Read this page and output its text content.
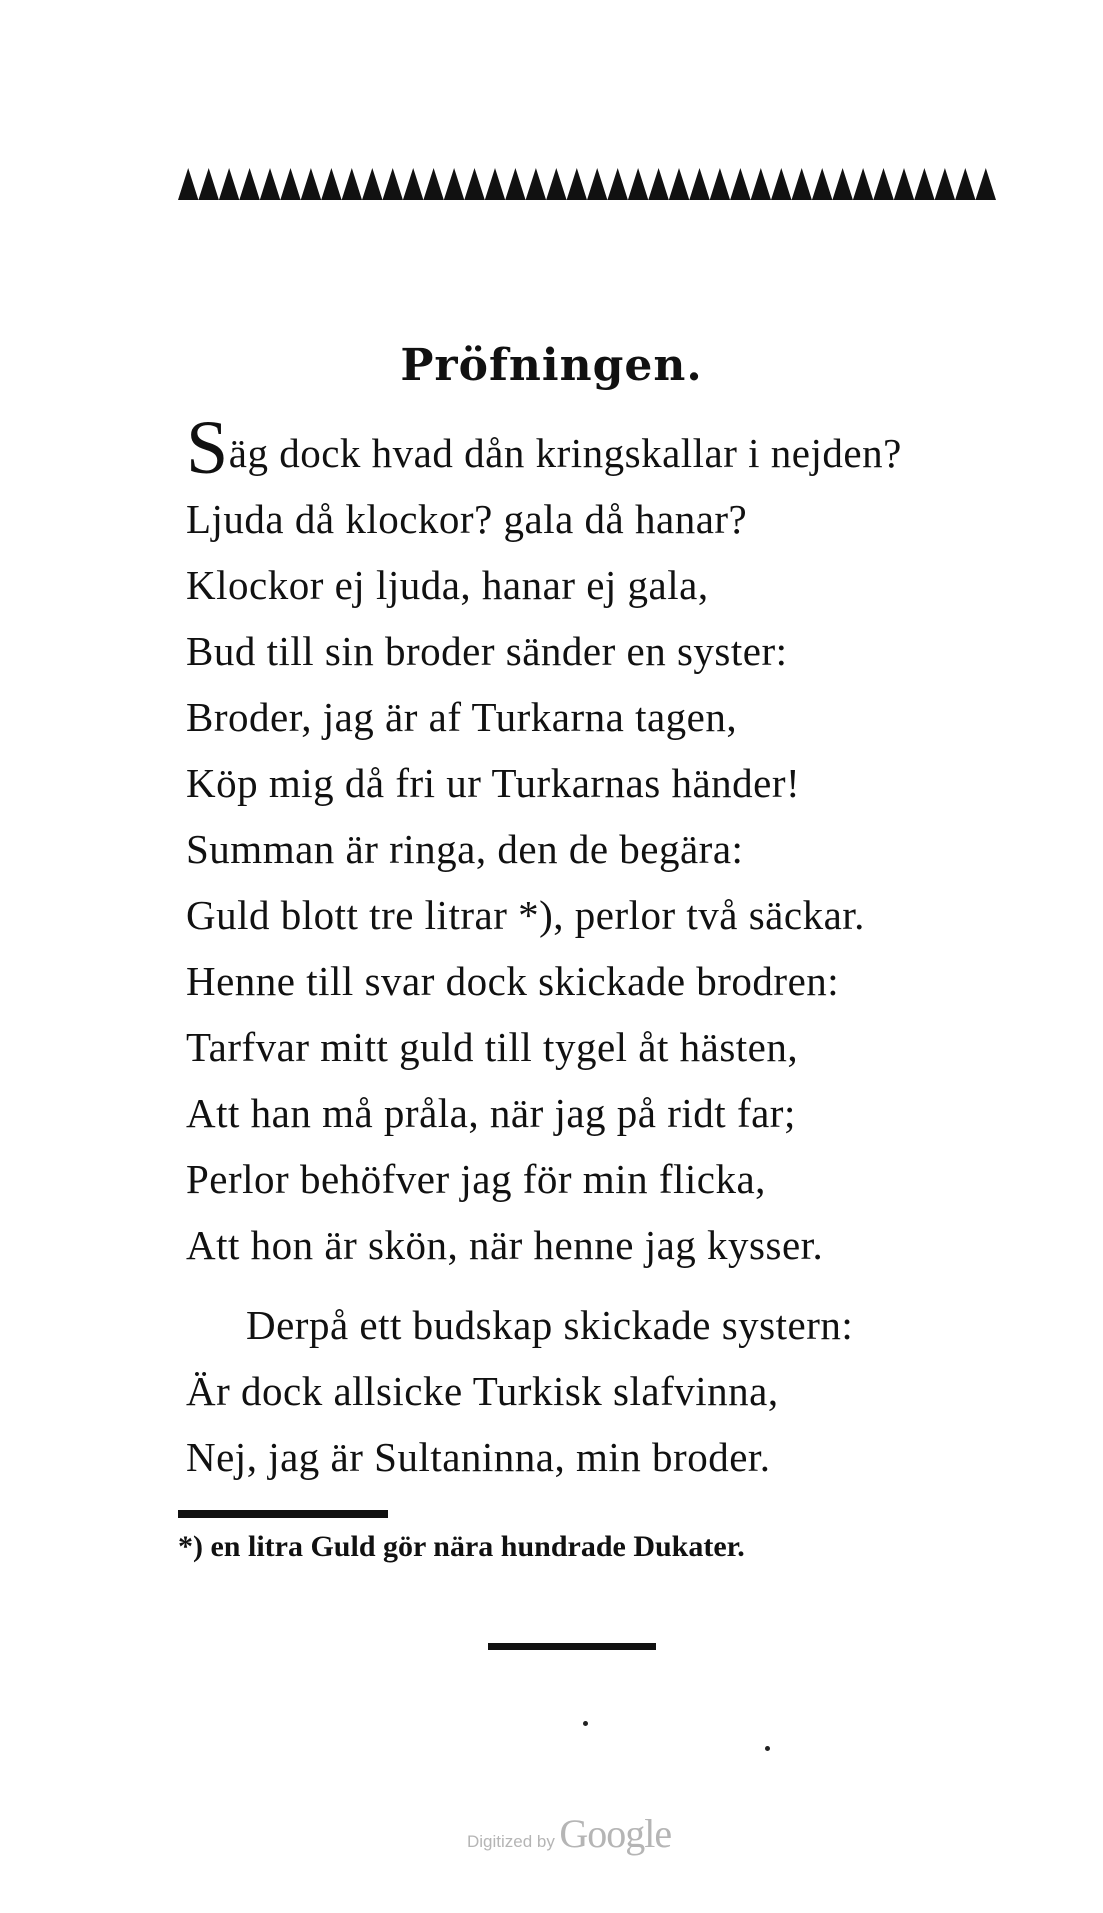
Pröfningen.

Säg dock hvad dån kringskallar i nejden?

Ljuda då klockor? gala då hanar?

Klockor ej ljuda, hanar ej gala,

Bud till sin broder sänder en syster:

Broder, jag är af Turkarna tagen,

Köp mig då fri ur Turkarnas händer!

Summan är ringa, den de begära:

Guld blott tre litrar *), perlor två säckar.

Henne till svar dock skickade brodren:

Tarfvar mitt guld till tygel åt hästen,

Att han må pråla, när jag på ridt far;

Perlor behöfver jag för min flicka,

Att hon är skön, när henne jag kysser.

Derpå ett budskap skickade systern:

Är dock allsicke Turkisk slafvinna,

Nej, jag är Sultaninna, min broder.

*) en litra Guld gör nära hundrade Dukater.

Digitized by Google
